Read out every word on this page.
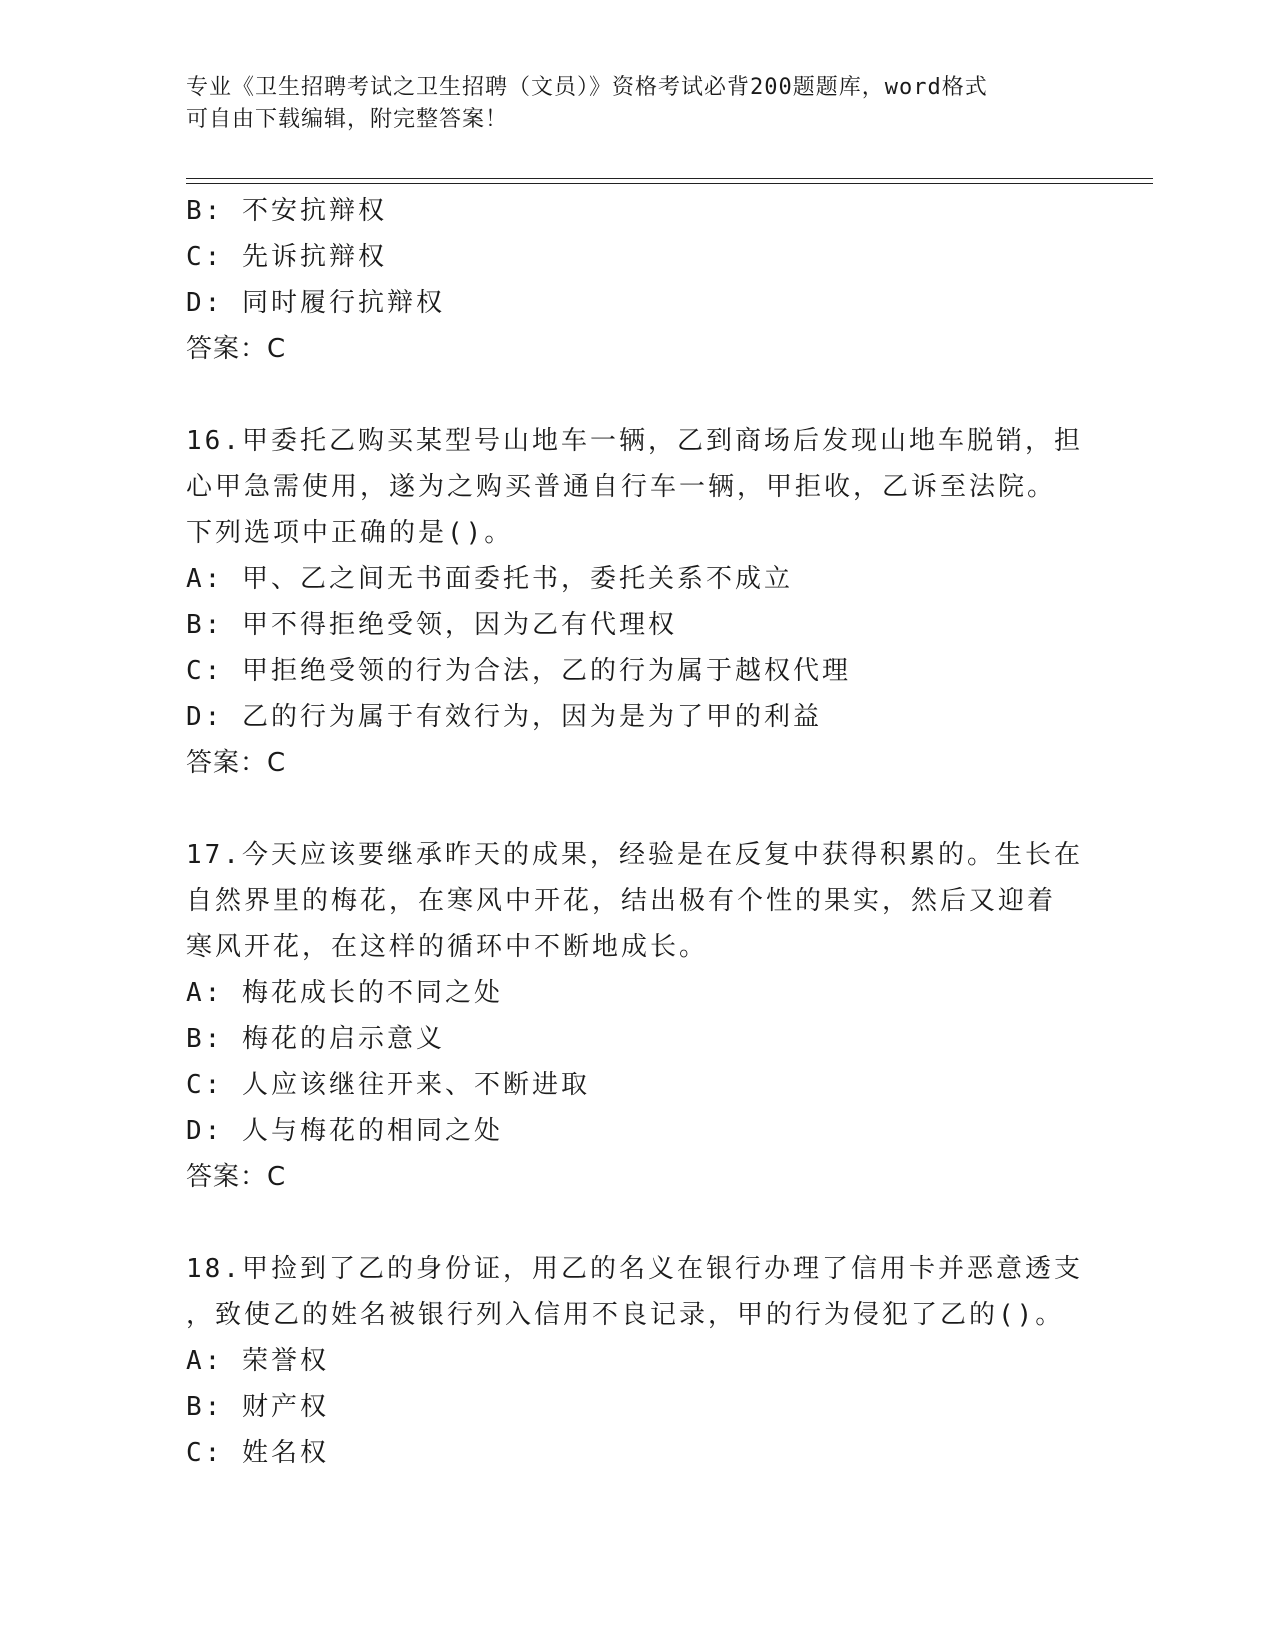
专业《卫生招聘考试之卫生招聘（文员）》资格考试必背200题题库，word格式
可自由下载编辑，附完整答案！
B: 不安抗辩权
C: 先诉抗辩权
D: 同时履行抗辩权
答案：C
16.甲委托乙购买某型号山地车一辆，乙到商场后发现山地车脱销，担
心甲急需使用，遂为之购买普通自行车一辆，甲拒收，乙诉至法院。
下列选项中正确的是()。
A: 甲、乙之间无书面委托书，委托关系不成立
B: 甲不得拒绝受领，因为乙有代理权
C: 甲拒绝受领的行为合法，乙的行为属于越权代理
D: 乙的行为属于有效行为，因为是为了甲的利益
答案：C
17.今天应该要继承昨天的成果，经验是在反复中获得积累的。生长在
自然界里的梅花，在寒风中开花，结出极有个性的果实，然后又迎着
寒风开花，在这样的循环中不断地成长。
A: 梅花成长的不同之处
B: 梅花的启示意义
C: 人应该继往开来、不断进取
D: 人与梅花的相同之处
答案：C
18.甲捡到了乙的身份证，用乙的名义在银行办理了信用卡并恶意透支
，致使乙的姓名被银行列入信用不良记录，甲的行为侵犯了乙的()。
A: 荣誉权
B: 财产权
C: 姓名权
